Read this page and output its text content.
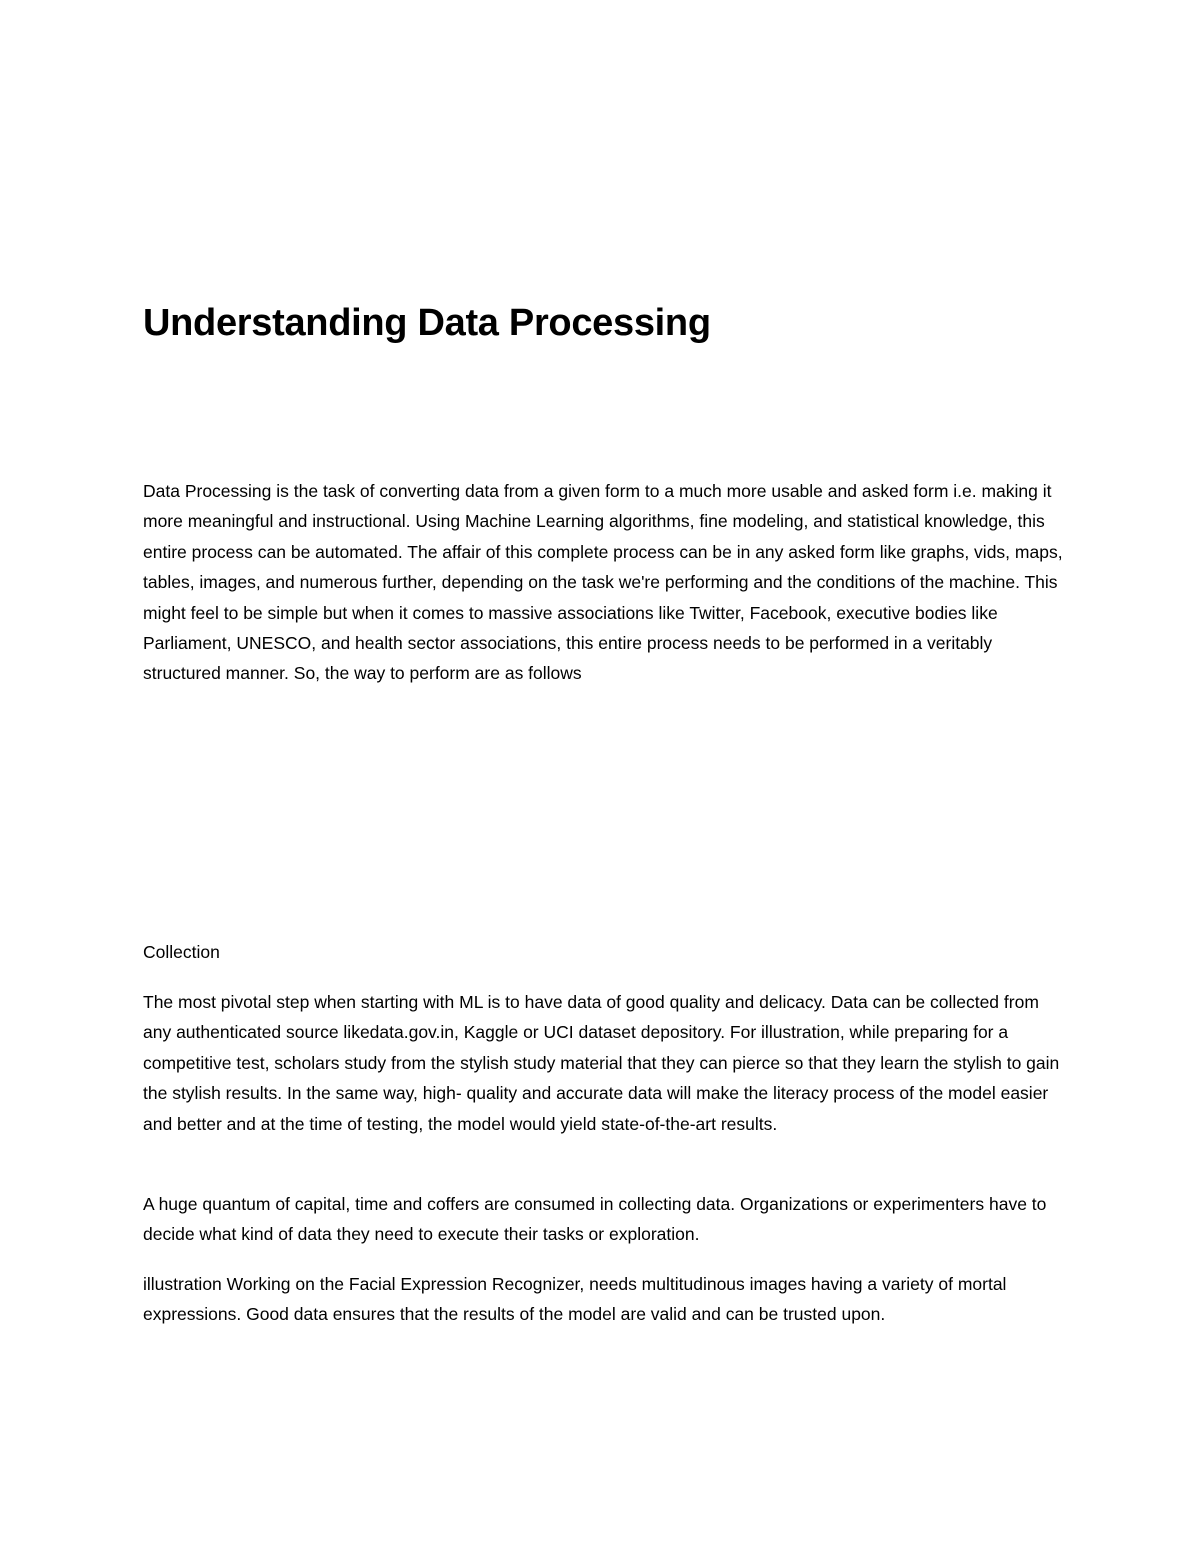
Understanding Data Processing

Data Processing is the task of converting data from a given form to a much more usable and asked form i.e. making it more meaningful and instructional. Using Machine Learning algorithms, fine modeling, and statistical knowledge, this entire process can be automated. The affair of this complete process can be in any asked form like graphs, vids, maps, tables, images, and numerous further, depending on the task we're performing and the conditions of the machine. This might feel to be simple but when it comes to massive associations like Twitter, Facebook, executive bodies like Parliament, UNESCO, and health sector associations, this entire process needs to be performed in a veritably structured manner. So, the way to perform are as follows

Collection

The most pivotal step when starting with ML is to have data of good quality and delicacy. Data can be collected from any authenticated source likedata.gov.in, Kaggle or UCI dataset depository. For illustration, while preparing for a competitive test, scholars study from the stylish study material that they can pierce so that they learn the stylish to gain the stylish results. In the same way, high- quality and accurate data will make the literacy process of the model easier and better and at the time of testing, the model would yield state-of-the-art results.

A huge quantum of capital, time and coffers are consumed in collecting data. Organizations or experimenters have to decide what kind of data they need to execute their tasks or exploration.

illustration Working on the Facial Expression Recognizer, needs multitudinous images having a variety of mortal expressions. Good data ensures that the results of the model are valid and can be trusted upon.
